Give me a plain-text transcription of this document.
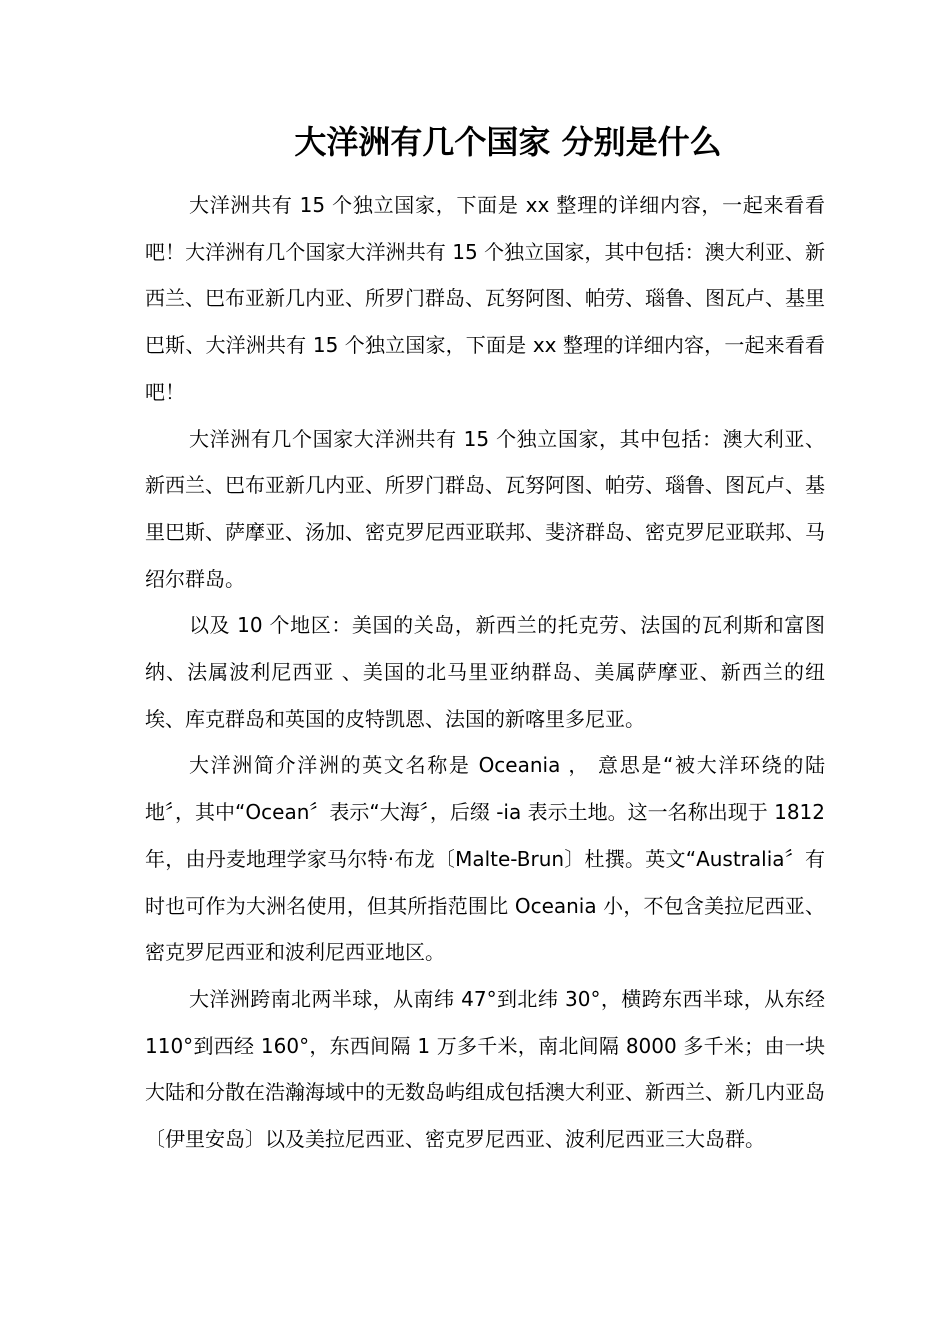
大洋洲有几个国家 分别是什么

大洋洲共有 15 个独立国家，下面是 xx 整理的详细内容，一起来看看吧！大洋洲有几个国家大洋洲共有 15 个独立国家，其中包括：澳大利亚、新西兰、巴布亚新几内亚、所罗门群岛、瓦努阿图、帕劳、瑙鲁、图瓦卢、基里巴斯、大洋洲共有 15 个独立国家，下面是 xx 整理的详细内容，一起来看看吧！

大洋洲有几个国家大洋洲共有 15 个独立国家，其中包括：澳大利亚、新西兰、巴布亚新几内亚、所罗门群岛、瓦努阿图、帕劳、瑙鲁、图瓦卢、基里巴斯、萨摩亚、汤加、密克罗尼西亚联邦、斐济群岛、密克罗尼亚联邦、马绍尔群岛。

以及 10 个地区：美国的关岛，新西兰的托克劳、法国的瓦利斯和富图纳、法属波利尼西亚 、美国的北马里亚纳群岛、美属萨摩亚、新西兰的纽埃、库克群岛和英国的皮特凯恩、法国的新喀里多尼亚。

大洋洲简介洋洲的英文名称是 Oceania ， 意思是“被大洋环绕的陆地〞，其中“Ocean〞表示“大海〞，后缀 -ia 表示土地。这一名称出现于 1812 年，由丹麦地理学家马尔特·布龙〔Malte-Brun〕杜撰。英文“Australia〞有时也可作为大洲名使用，但其所指范围比 Oceania 小，不包含美拉尼西亚、密克罗尼西亚和波利尼西亚地区。

大洋洲跨南北两半球，从南纬 47°到北纬 30°，横跨东西半球，从东经 110°到西经 160°，东西间隔 1 万多千米，南北间隔 8000 多千米；由一块大陆和分散在浩瀚海域中的无数岛屿组成包括澳大利亚、新西兰、新几内亚岛〔伊里安岛〕以及美拉尼西亚、密克罗尼西亚、波利尼西亚三大岛群。
